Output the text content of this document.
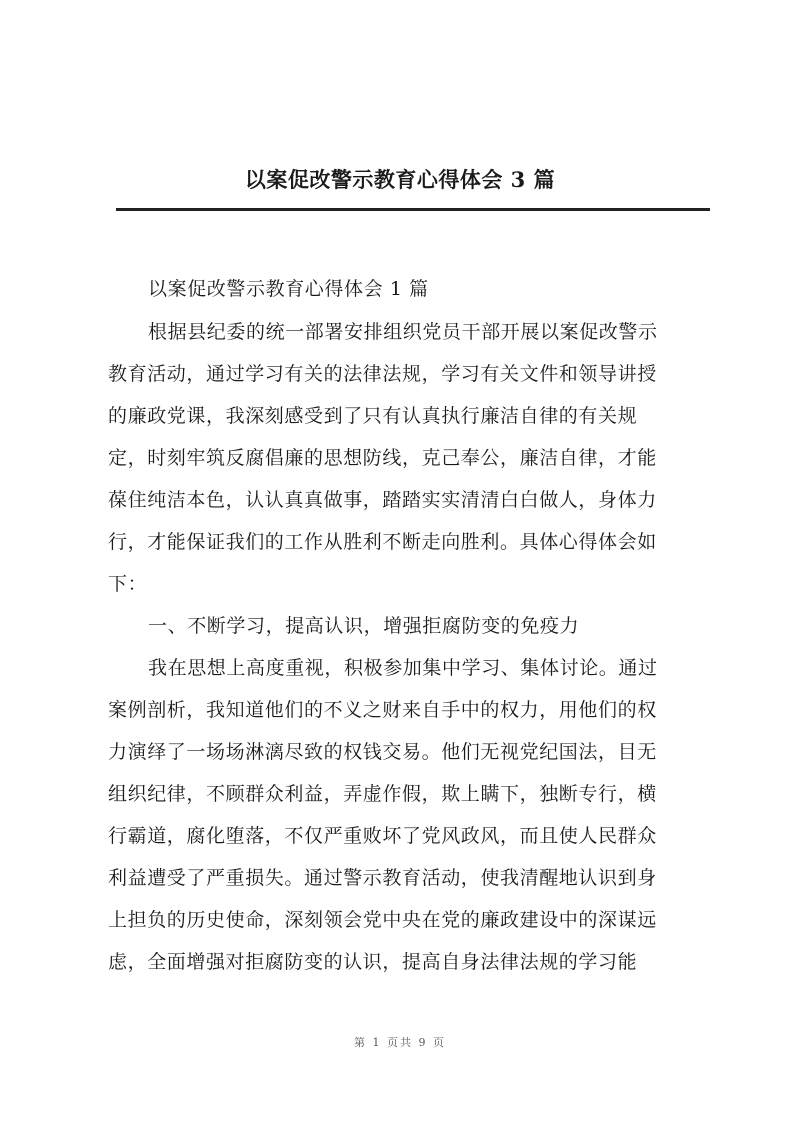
以案促改警示教育心得体会 3 篇
以案促改警示教育心得体会 1 篇
根据县纪委的统一部署安排组织党员干部开展以案促改警示
教育活动，通过学习有关的法律法规，学习有关文件和领导讲授
的廉政党课，我深刻感受到了只有认真执行廉洁自律的有关规
定，时刻牢筑反腐倡廉的思想防线，克己奉公，廉洁自律，才能
葆住纯洁本色，认认真真做事，踏踏实实清清白白做人，身体力
行，才能保证我们的工作从胜利不断走向胜利。具体心得体会如
下：
一、不断学习，提高认识，增强拒腐防变的免疫力
我在思想上高度重视，积极参加集中学习、集体讨论。通过
案例剖析，我知道他们的不义之财来自手中的权力，用他们的权
力演绎了一场场淋漓尽致的权钱交易。他们无视党纪国法，目无
组织纪律，不顾群众利益，弄虚作假，欺上瞒下，独断专行，横
行霸道，腐化堕落，不仅严重败坏了党风政风，而且使人民群众
利益遭受了严重损失。通过警示教育活动，使我清醒地认识到身
上担负的历史使命，深刻领会党中央在党的廉政建设中的深谋远
虑，全面增强对拒腐防变的认识，提高自身法律法规的学习能
第 1 页共 9 页
